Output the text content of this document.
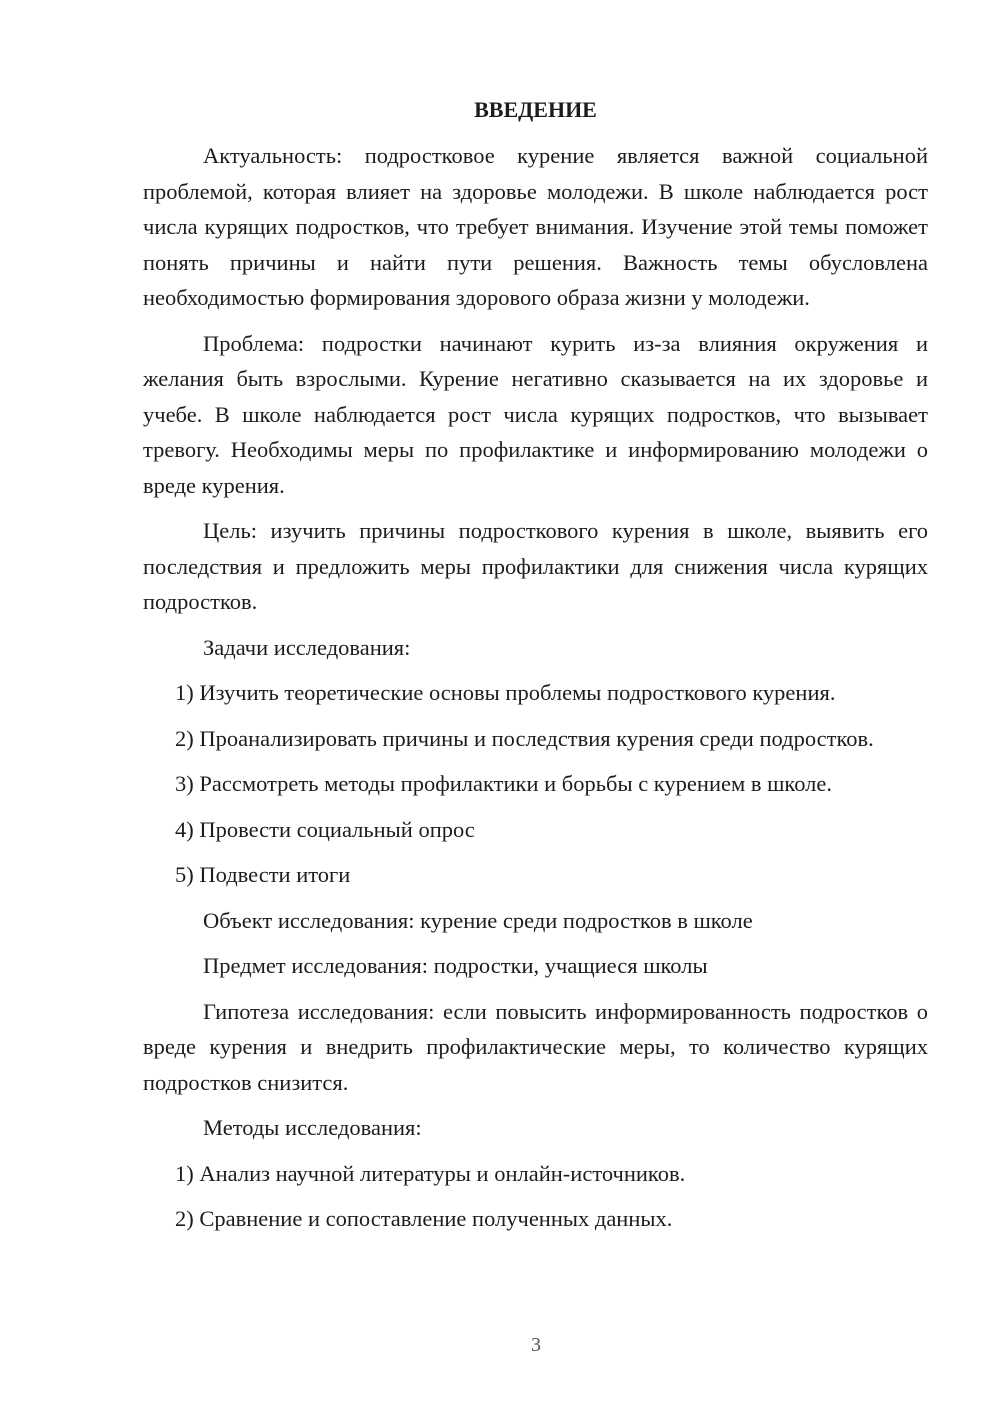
ВВЕДЕНИЕ

Актуальность: подростковое курение является важной социальной проблемой, которая влияет на здоровье молодежи. В школе наблюдается рост числа курящих подростков, что требует внимания. Изучение этой темы поможет понять причины и найти пути решения. Важность темы обусловлена необходимостью формирования здорового образа жизни у молодежи.

Проблема: подростки начинают курить из-за влияния окружения и желания быть взрослыми. Курение негативно сказывается на их здоровье и учебе. В школе наблюдается рост числа курящих подростков, что вызывает тревогу. Необходимы меры по профилактике и информированию молодежи о вреде курения.

Цель: изучить причины подросткового курения в школе, выявить его последствия и предложить меры профилактики для снижения числа курящих подростков.

Задачи исследования:

1) Изучить теоретические основы проблемы подросткового курения.

2) Проанализировать причины и последствия курения среди подростков.

3) Рассмотреть методы профилактики и борьбы с курением в школе.

4) Провести социальный опрос

5) Подвести итоги

Объект исследования: курение среди подростков в школе

Предмет исследования: подростки, учащиеся школы

Гипотеза исследования: если повысить информированность подростков о вреде курения и внедрить профилактические меры, то количество курящих подростков снизится.

Методы исследования:

1) Анализ научной литературы и онлайн-источников.

2) Сравнение и сопоставление полученных данных.

3
